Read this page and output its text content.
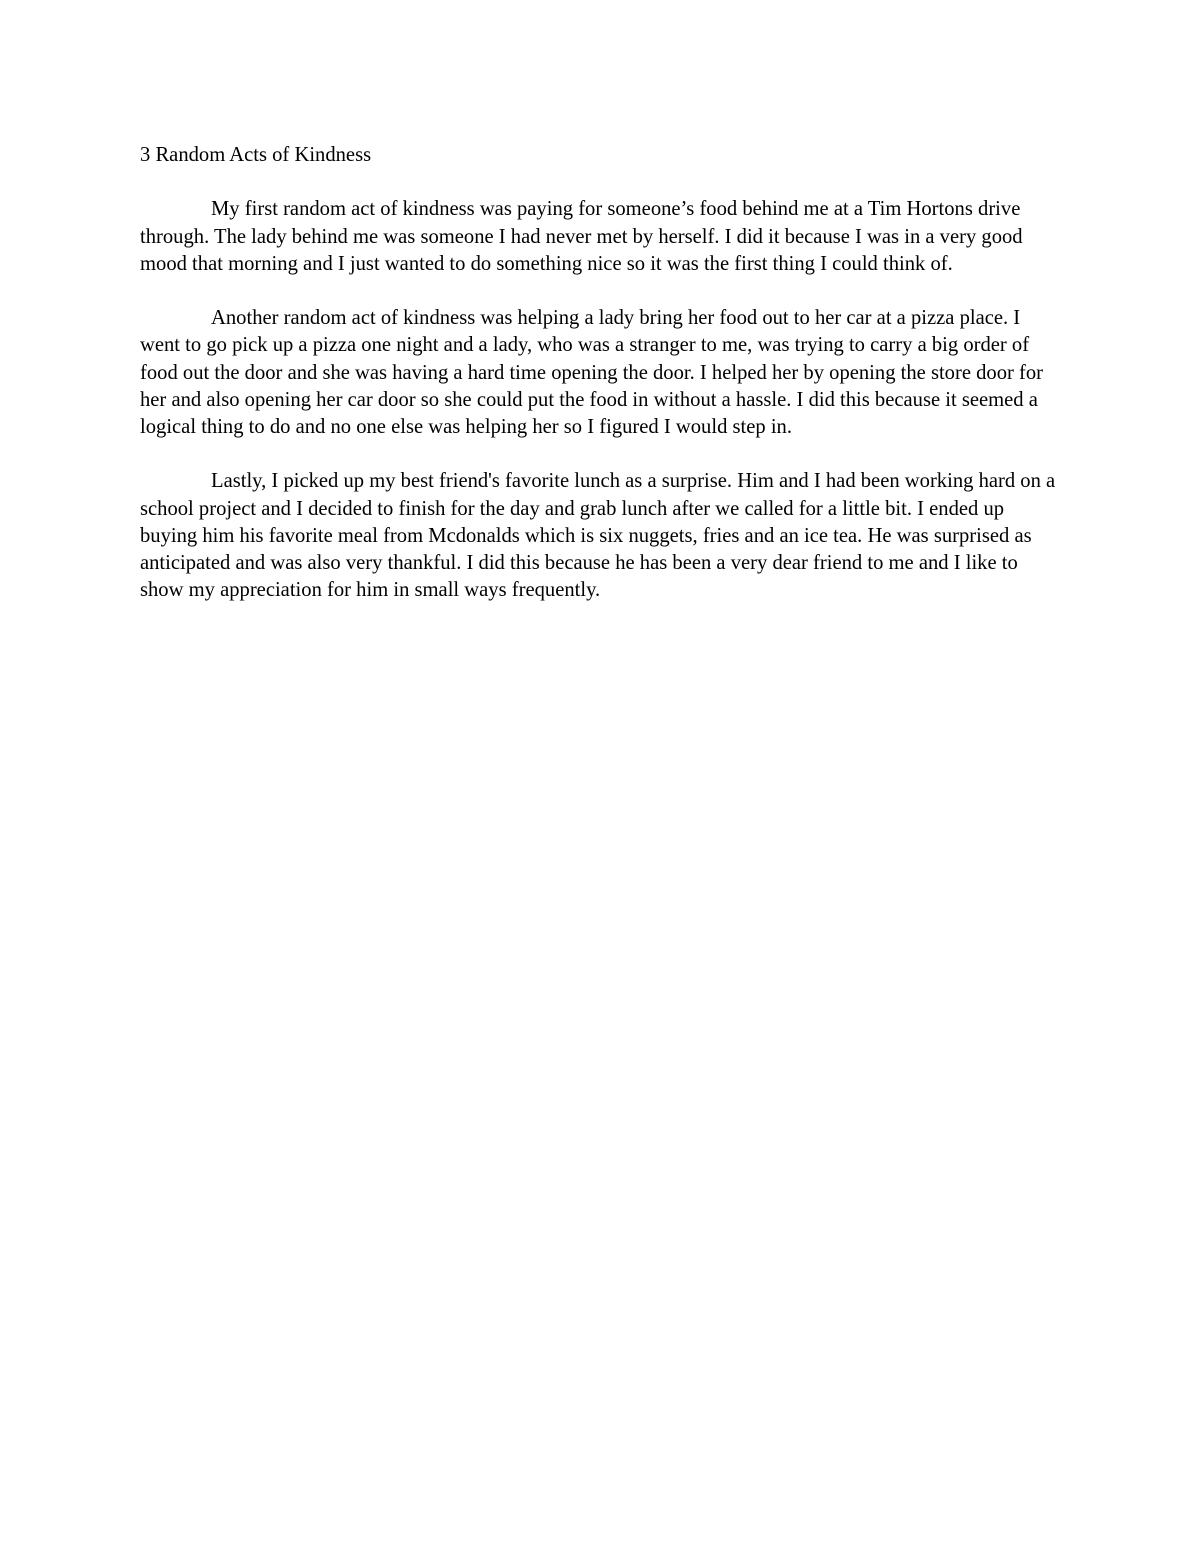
3 Random Acts of Kindness

My first random act of kindness was paying for someone’s food behind me at a Tim Hortons drive through. The lady behind me was someone I had never met by herself. I did it because I was in a very good mood that morning and I just wanted to do something nice so it was the first thing I could think of.

Another random act of kindness was helping a lady bring her food out to her car at a pizza place. I went to go pick up a pizza one night and a lady, who was a stranger to me, was trying to carry a big order of food out the door and she was having a hard time opening the door. I helped her by opening the store door for her and also opening her car door so she could put the food in without a hassle. I did this because it seemed a logical thing to do and no one else was helping her so I figured I would step in.

Lastly, I picked up my best friend's favorite lunch as a surprise. Him and I had been working hard on a school project and I decided to finish for the day and grab lunch after we called for a little bit. I ended up buying him his favorite meal from Mcdonalds which is six nuggets, fries and an ice tea. He was surprised as anticipated and was also very thankful. I did this because he has been a very dear friend to me and I like to show my appreciation for him in small ways frequently.
